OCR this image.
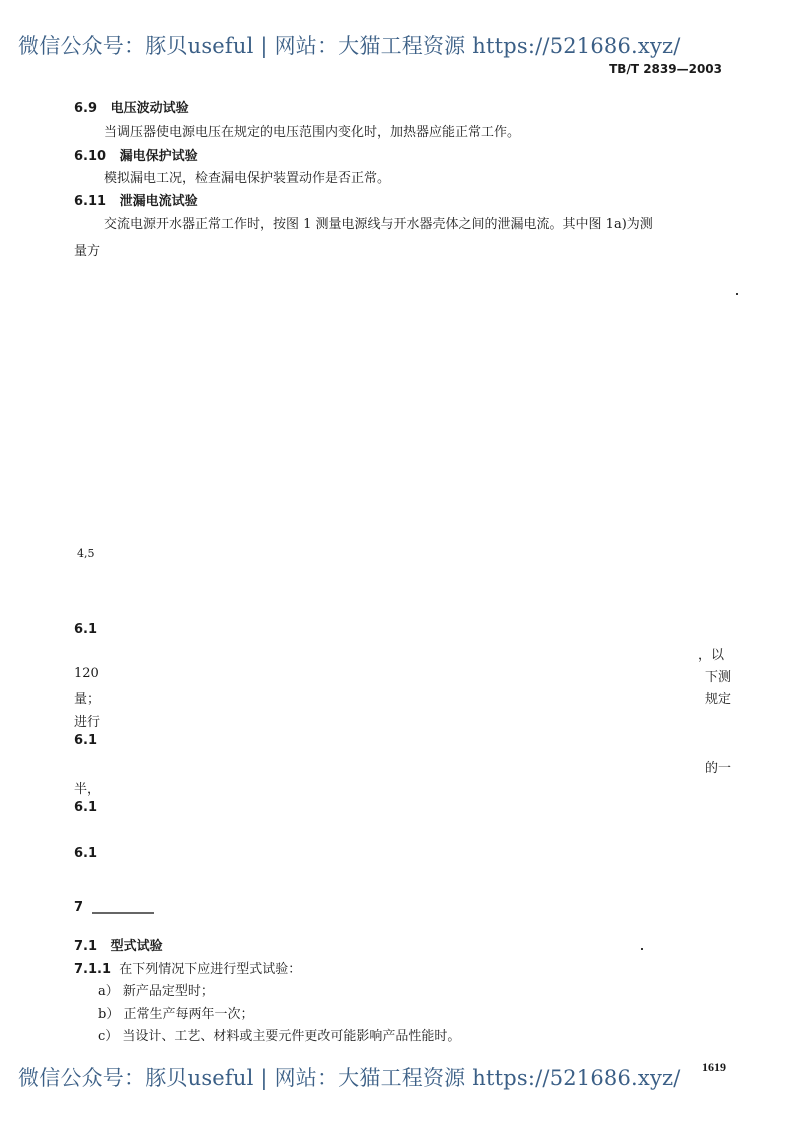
微信公众号：豚贝useful | 网站：大猫工程资源 https://521686.xyz/
TB/T 2839—2003
6.9 电压波动试验
当调压器使电源电压在规定的电压范围内变化时，加热器应能正常工作。
6.10 漏电保护试验
模拟漏电工况，检查漏电保护装置动作是否正常。
6.11 泄漏电流试验
交流电源开水器正常工作时，按图 1 测量电源线与开水器壳体之间的泄漏电流。其中图 1a)为测
量方
4,5
6.1
，以
120	下测
量；	规定
进行
6.1
的一
半，
6.1
6.1
7
7.1 型式试验
7.1.1 在下列情况下应进行型式试验：
a） 新产品定型时；
b） 正常生产每两年一次；
c） 当设计、工艺、材料或主要元件更改可能影响产品性能时。
1619
微信公众号：豚贝useful | 网站：大猫工程资源 https://521686.xyz/
